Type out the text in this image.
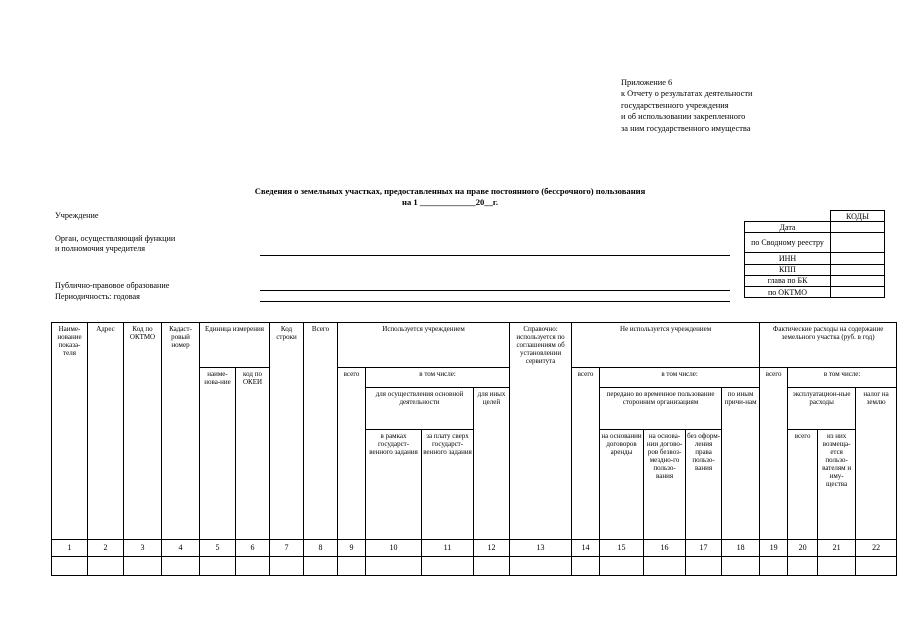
Приложение 6
к Отчету о результатах деятельности
государственного учреждения
и об использовании закрепленного
за ним государственного имущества
Сведения о земельных участках, предоставленных на праве постоянного (бессрочного) пользования
на 1 _____________20__г.
Учреждение
Орган, осуществляющий функции
и полномочия учредителя
Публично-правовое образование
Периодичность: годовая
	КОДЫ
Дата	
по Сводному реестру	
ИНН	
КПП	
глава по БК	
по ОКТМО	
Наиме-нование показа-теля	Адрес	Код по ОКТМО	Кадаст-ровый номер	Единица измерения		Код строки	Всего	Используется учреждением				Справочно: используется по соглашениям об установлении сервитута	Не используется учреждением					Фактические расходы на содержание земельного участка (руб. в год)			
				наиме-нова-ние	код по ОКЕИ			всего	в том числе:				всего	в том числе:				всего	в том числе:		
									для осуществления основной деятельности		для иных целей			передано во временное пользование сторонним организациям			по иным причи-нам		эксплуатацион-ные расходы		налог на землю
									в рамках государст-венного задания	за плату сверх государст-венного задания				на основании договоров аренды	на основа-нии догово-ров безвоз-мездно-го пользо-вания	без оформ-ления права пользо-вания			всего	из них возмеща-ется пользо-вателям и иму-щества	
1	2	3	4	5	6	7	8	9	10	11	12	13	14	15	16	17	18	19	20	21	22
